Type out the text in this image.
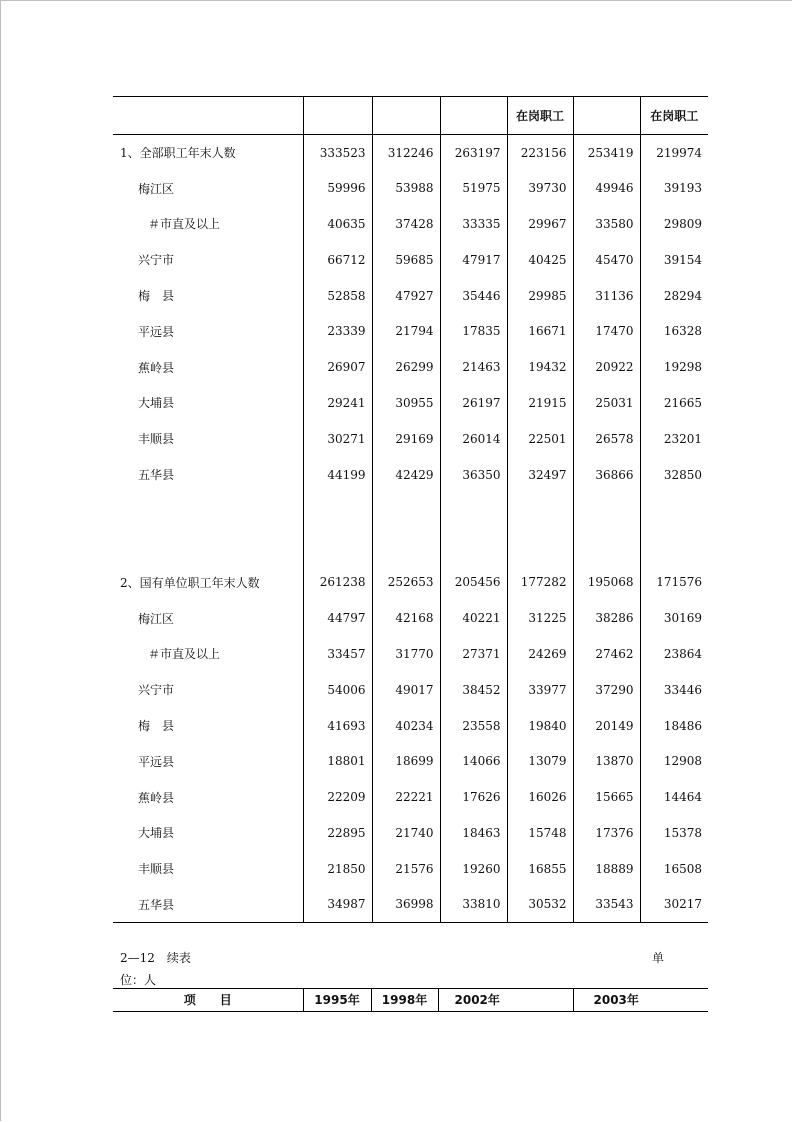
				在岗职工		在岗职工
1、全部职工年末人数	333523	312246	263197	223156	253419	219974
梅江区	59996	53988	51975	39730	49946	39193
＃市直及以上	40635	37428	33335	29967	33580	29809
兴宁市	66712	59685	47917	40425	45470	39154
梅　县	52858	47927	35446	29985	31136	28294
平远县	23339	21794	17835	16671	17470	16328
蕉岭县	26907	26299	21463	19432	20922	19298
大埔县	29241	30955	26197	21915	25031	21665
丰顺县	30271	29169	26014	22501	26578	23201
五华县	44199	42429	36350	32497	36866	32850

2、国有单位职工年末人数	261238	252653	205456	177282	195068	171576
梅江区	44797	42168	40221	31225	38286	30169
＃市直及以上	33457	31770	27371	24269	27462	23864
兴宁市	54006	49017	38452	33977	37290	33446
梅　县	41693	40234	23558	19840	20149	18486
平远县	18801	18699	14066	13079	13870	12908
蕉岭县	22209	22221	17626	16026	15665	14464
大埔县	22895	21740	18463	15748	17376	15378
丰顺县	21850	21576	19260	16855	18889	16508
五华县	34987	36998	33810	30532	33543	30217
2—12　续表	单
位：人
项　　目	1995年	1998年	2002年	2003年
